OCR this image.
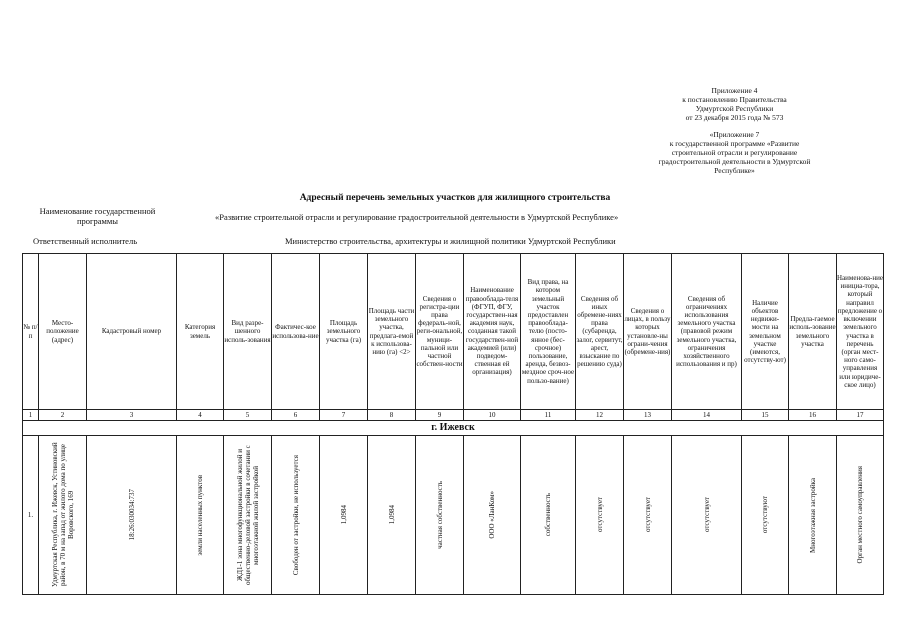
Приложение 4
к постановлению Правительства
Удмуртской Республики
от 23 декабря 2015 года № 573
«Приложение 7
к государственной программе «Развитие
строительной отрасли и регулирование
градостроительной деятельности в Удмуртской
Республике»
Адресный перечень земельных участков для жилищного строительства
Наименование государственной программы	«Развитие строительной отрасли и регулирование градостроительной деятельности в Удмуртской Республике»
Ответственный исполнитель	Министерство строительства, архитектуры и жилищной политики Удмуртской Республики
№ п/п	Место-положение (адрес)	Кадастровый номер	Категория земель	Вид разре-шенного исполь-зования	Фактичес-кое использова-ние	Площадь земельного участка (га)	Площадь части земельного участка, предлага-емой к использова-нию (га) <2>	Сведения о регистра-ции права федераль-ной, реги-ональной, муници-пальной или частной собствен-ности	Наименование правооблада-теля (ФГУП, ФГУ, государствен-ная академия наук, созданная такой государствен-ной академией (или) подведом-ственная ей организация)	Вид права, на котором земельный участок предоставлен правооблада-телю (посто-янное (бес-срочное) пользование, аренда, безвоз-мездное сроч-ное пользо-вание)	Сведения об иных обремене-ниях права (субаренда, залог, сервитут, арест, взыскание по решению суда)	Сведения о лицах, в пользу которых установле-ны ограни-чения (обремене-ния)	Сведения об ограничениях использования земельного участка (правовой режим земельного участка, ограничения хозяйственного использования и пр)	Наличие объектов недвижи-мости на земельном участке (имеются, отсутству-ют)	Предла-гаемое исполь-зование земельного участка	Наименова-ние инициа-тора, который направил предложение о включении земельного участка в перечень (орган мест-ного само-управления или юридиче-ское лицо)
1	2	3	4	5	6	7	8	9	10	11	12	13	14	15	16	17
г. Ижевск																
1.	Удмуртская Республика, г. Ижевск, Устиновский район, в 70 м на запад от жилого дома по улице Воровского, 169	18:26:030034:737	земли населенных пунктов	ЖД1-1 зона многофункциональной жилой и общественно-деловой застройки в сочетании с многоэтажной жилой застройкой	Свободен от застройки, не используется	1,0984	1,0984	частная собственность	ООО «ЛанКом»	собственность	отсутствует	отсутствует	отсутствует	отсутствуют	Многоэтажная застройка	Орган местного самоуправления
